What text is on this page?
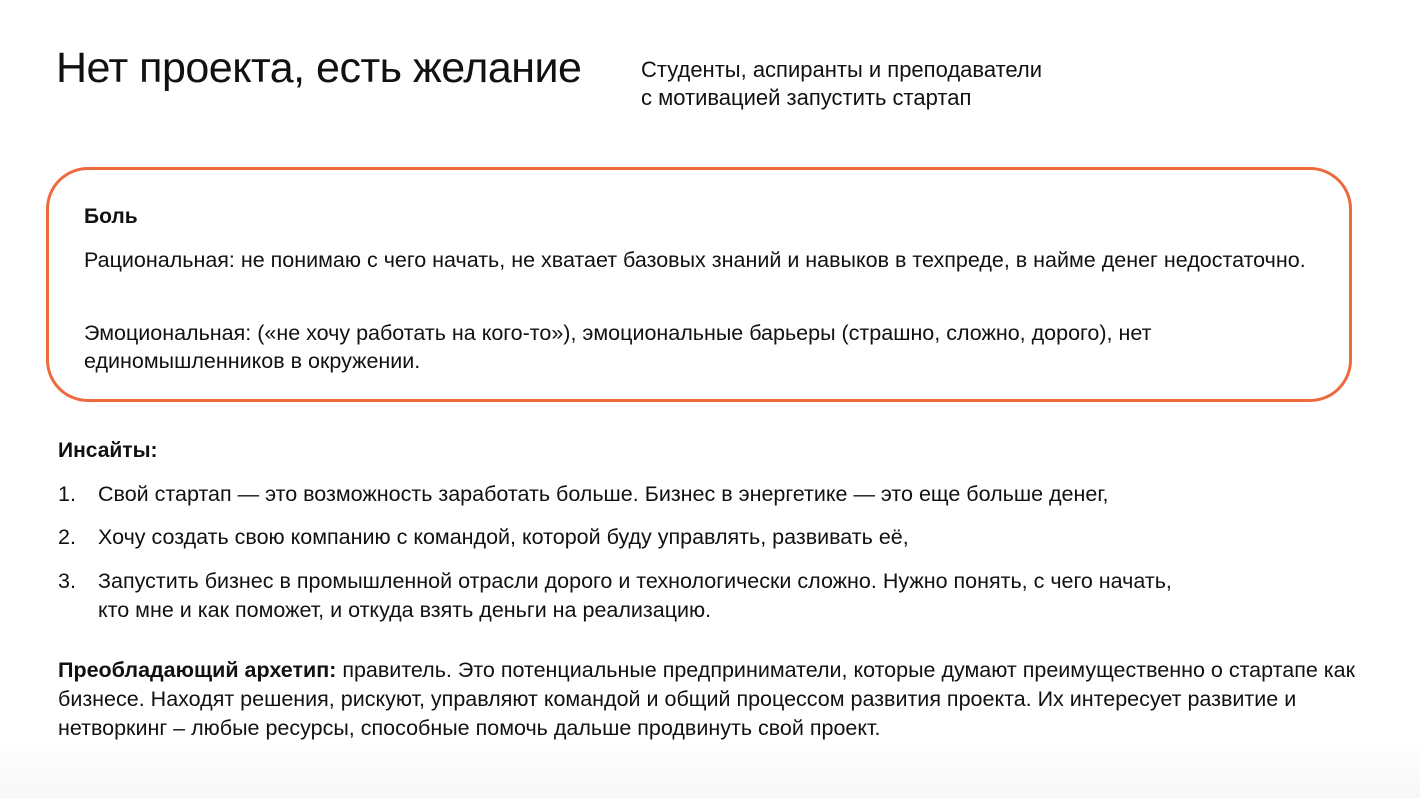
Нет проекта, есть желание	Студенты, аспиранты и преподаватели
с мотивацией запустить стартап
Боль

Рациональная: не понимаю с чего начать, не хватает базовых знаний и навыков в техпреде, в найме денег недостаточно.

Эмоциональная: («не хочу работать на кого-то»), эмоциональные барьеры (страшно, сложно, дорого), нет единомышленников в окружении.

Инсайты:
1.	Свой стартап — это возможность заработать больше. Бизнес в энергетике — это еще больше денег,
2.	Хочу создать свою компанию с командой, которой буду управлять, развивать её,
3.	Запустить бизнес в промышленной отрасли дорого и технологически сложно. Нужно понять, с чего начать, кто мне и как поможет, и откуда взять деньги на реализацию.

Преобладающий архетип: правитель. Это потенциальные предприниматели, которые думают преимущественно о стартапе как бизнесе. Находят решения, рискуют, управляют командой и общий процессом развития проекта. Их интересует развитие и нетворкинг – любые ресурсы, способные помочь дальше продвинуть свой проект.
